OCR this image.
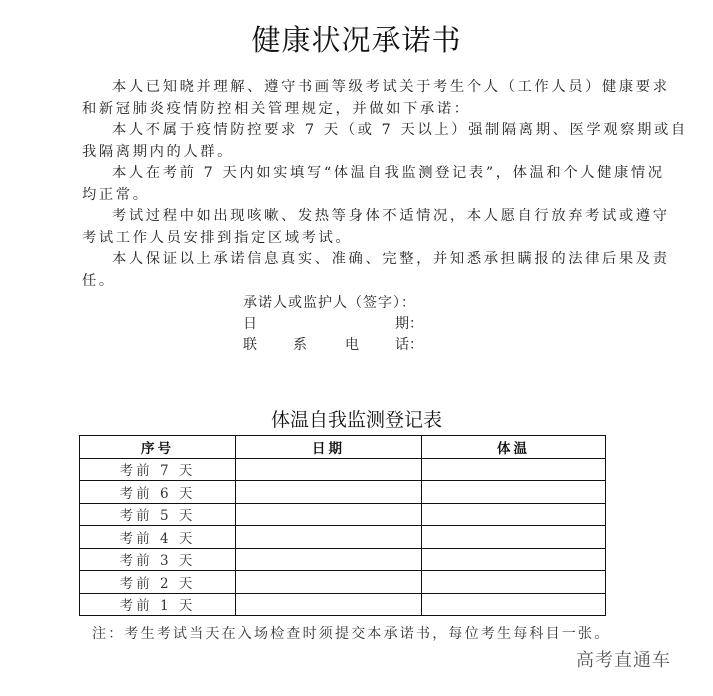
健康状况承诺书
本人已知晓并理解、遵守书画等级考试关于考生个人（工作人员）健康要求
和新冠肺炎疫情防控相关管理规定，并做如下承诺：
本人不属于疫情防控要求 7 天（或 7 天以上）强制隔离期、医学观察期或自
我隔离期内的人群。
本人在考前 7 天内如实填写“体温自我监测登记表”，体温和个人健康情况
均正常。
考试过程中如出现咳嗽、发热等身体不适情况，本人愿自行放弃考试或遵守
考试工作人员安排到指定区域考试。
本人保证以上承诺信息真实、准确、完整，并知悉承担瞒报的法律后果及责
任。
承诺人或监护人（签字）：
日	期：
联	系	电	话：
体温自我监测登记表
序号	日期	体温
考前 7 天		
考前 6 天		
考前 5 天		
考前 4 天		
考前 3 天		
考前 2 天		
考前 1 天		
注：考生考试当天在入场检查时须提交本承诺书，每位考生每科目一张。
高考直通车
